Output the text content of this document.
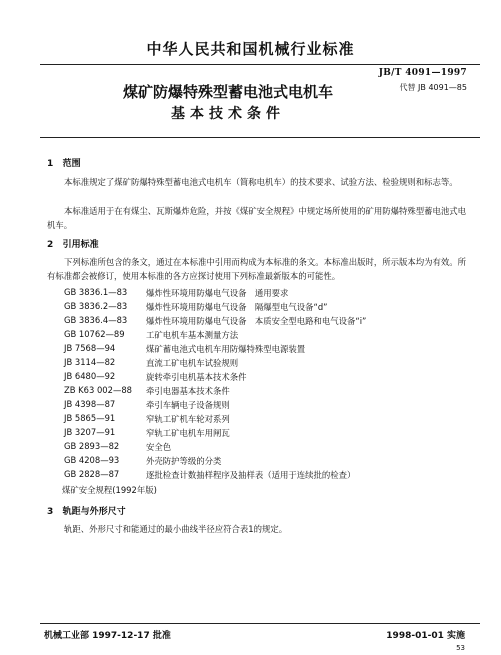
中华人民共和国机械行业标准
JB/T 4091—1997
代替 JB 4091—85
煤矿防爆特殊型蓄电池式电机车
基本技术条件
1 范围
本标准规定了煤矿防爆特殊型蓄电池式电机车（简称电机车）的技术要求、试验方法、检验规则和标志等。
本标准适用于在有煤尘、瓦斯爆炸危险，并按《煤矿安全规程》中规定场所使用的矿用防爆特殊型蓄电池式电机车。
2 引用标准
下列标准所包含的条文，通过在本标准中引用而构成为本标准的条文。本标准出版时，所示版本均为有效。所有标准都会被修订，使用本标准的各方应探讨使用下列标准最新版本的可能性。
GB 3836.1—83 爆炸性环境用防爆电气设备　通用要求
GB 3836.2—83 爆炸性环境用防爆电气设备　隔爆型电气设备“d”
GB 3836.4—83 爆炸性环境用防爆电气设备　本质安全型电路和电气设备“i”
GB 10762—89	工矿电机车基本测量方法
JB 7568—94	煤矿蓄电池式电机车用防爆特殊型电源装置
JB 3114—82	直流工矿电机车试验规则
JB 6480—92	旋转牵引电机基本技术条件
ZB K63 002—88 牵引电器基本技术条件
JB 4398—87	牵引车辆电子设备规则
JB 5865—91	窄轨工矿机车轮对系列
JB 3207—91	窄轨工矿电机车用闸瓦
GB 2893—82	安全色
GB 4208—93	外壳防护等级的分类
GB 2828—87	逐批检查计数抽样程序及抽样表（适用于连续批的检查）
煤矿安全规程(1992年版)
3 轨距与外形尺寸
轨距、外形尺寸和能通过的最小曲线半径应符合表1的规定。
机械工业部 1997-12-17 批准	1998-01-01 实施
53
